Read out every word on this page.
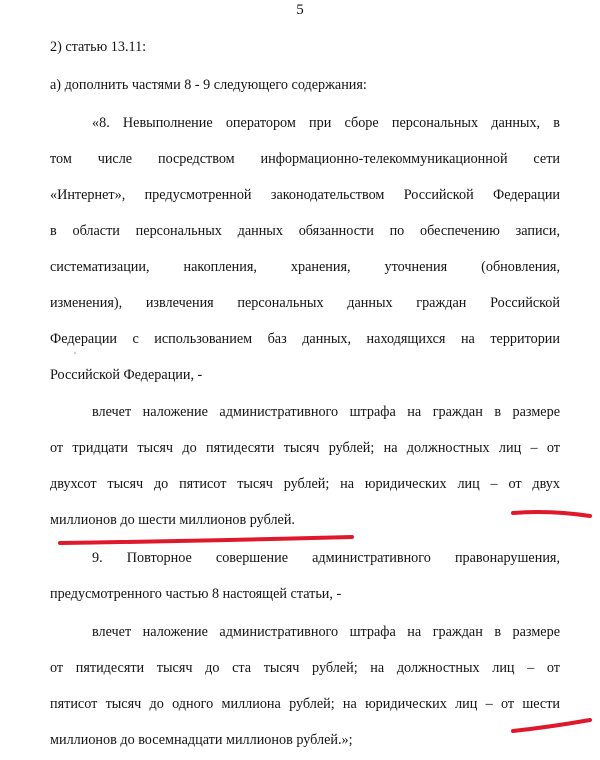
5
2) статью 13.11:
а) дополнить частями 8 - 9 следующего содержания:
«8. Невыполнение оператором при сборе персональных данных, в
том числе посредством информационно-телекоммуникационной сети
«Интернет», предусмотренной законодательством Российской Федерации
в области персональных данных обязанности по обеспечению записи,
систематизации, накопления, хранения, уточнения (обновления,
изменения), извлечения персональных данных граждан Российской
Федерации с использованием баз данных, находящихся на территории
Российской Федерации, -
влечет наложение административного штрафа на граждан в размере
от тридцати тысяч до пятидесяти тысяч рублей; на должностных лиц – от
двухсот тысяч до пятисот тысяч рублей; на юридических лиц – от двух
миллионов до шести миллионов рублей.
9. Повторное совершение административного правонарушения,
предусмотренного частью 8 настоящей статьи, -
влечет наложение административного штрафа на граждан в размере
от пятидесяти тысяч до ста тысяч рублей; на должностных лиц – от
пятисот тысяч до одного миллиона рублей; на юридических лиц – от шести
миллионов до восемнадцати миллионов рублей.»;
